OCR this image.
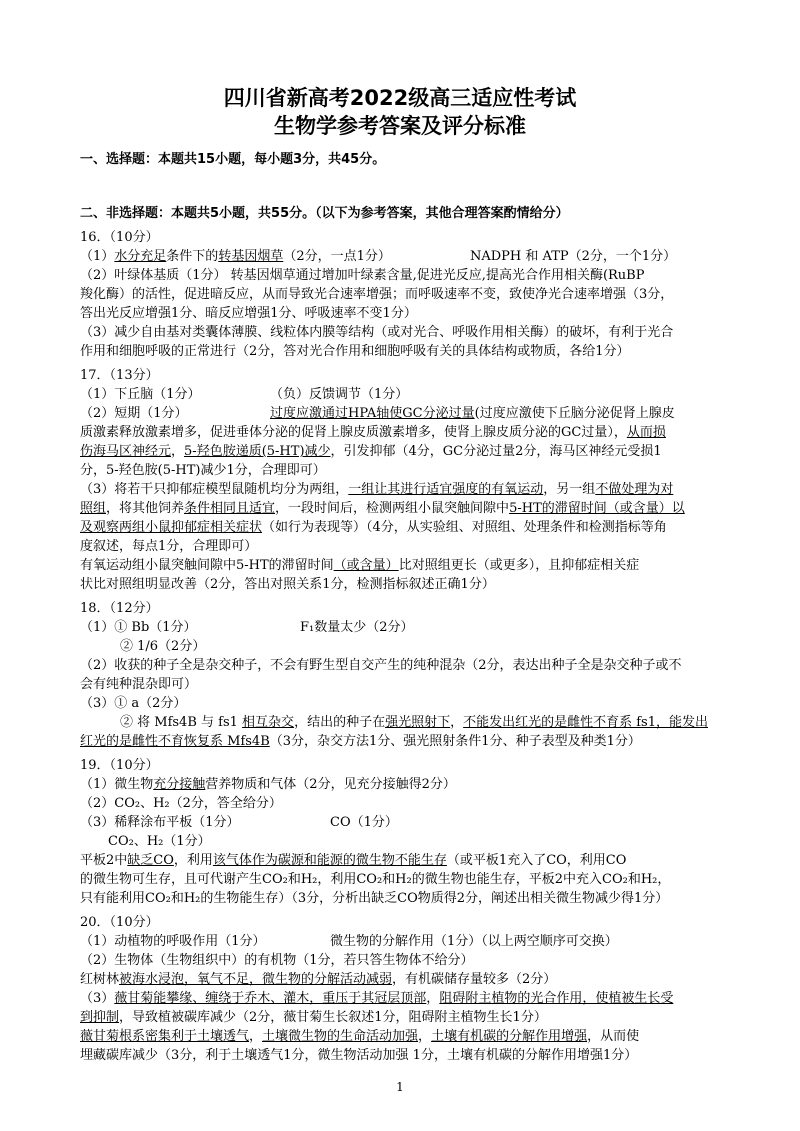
四川省新高考2022级高三适应性考试
生物学参考答案及评分标准
一、选择题：本题共15小题，每小题3分，共45分。
二、非选择题：本题共5小题，共55分。（以下为参考答案，其他合理答案酌情给分）
16．（10分）
（1）水分充足条件下的转基因烟草（2分，一点1分）	NADPH 和 ATP（2分，一个1分）
（2）叶绿体基质（1分） 转基因烟草通过增加叶绿素含量,促进光反应,提高光合作用相关酶(RuBP
羧化酶）的活性，促进暗反应，从而导致光合速率增强；而呼吸速率不变，致使净光合速率增强（3分，
答出光反应增强1分、暗反应增强1分、呼吸速率不变1分）
（3）减少自由基对类囊体薄膜、线粒体内膜等结构（或对光合、呼吸作用相关酶）的破坏，有利于光合
作用和细胞呼吸的正常进行（2分，答对光合作用和细胞呼吸有关的具体结构或物质，各给1分）
17．（13分）
（1）下丘脑（1分）	（负）反馈调节（1分）
（2）短期（1分）	过度应激通过HPA轴使GC分泌过量(过度应激使下丘脑分泌促肾上腺皮
质激素释放激素增多，促进垂体分泌的促肾上腺皮质激素增多，使肾上腺皮质分泌的GC过量），从而损
伤海马区神经元，5-羟色胺递质(5-HT)减少，引发抑郁（4分，GC分泌过量2分，海马区神经元受损1
分，5-羟色胺(5-HT)减少1分，合理即可）
（3）将若干只抑郁症模型鼠随机均分为两组，一组让其进行适宜强度的有氧运动，另一组不做处理为对
照组，将其他饲养条件相同且适宜，一段时间后，检测两组小鼠突触间隙中5-HT的滞留时间（或含量）以
及观察两组小鼠抑郁症相关症状（如行为表现等）（4分，从实验组、对照组、处理条件和检测指标等角
度叙述，每点1分，合理即可）
有氧运动组小鼠突触间隙中5-HT的滞留时间（或含量）比对照组更长（或更多），且抑郁症相关症
状比对照组明显改善（2分，答出对照关系1分，检测指标叙述正确1分）
18．（12分）
（1）① Bb（1分）	F₁数量太少（2分）
② 1/6（2分）
（2）收获的种子全是杂交种子，不会有野生型自交产生的纯种混杂（2分，表达出种子全是杂交种子或不
会有纯种混杂即可）
（3）① a（2分）
② 将 Mfs4B 与 fs1 相互杂交，结出的种子在强光照射下，不能发出红光的是雌性不育系 fs1，能发出
红光的是雌性不育恢复系 Mfs4B（3分，杂交方法1分、强光照射条件1分、种子表型及种类1分）
19．（10分）
（1）微生物充分接触营养物质和气体（2分，见充分接触得2分）
（2）CO₂、H₂（2分，答全给分）
（3）稀释涂布平板（1分）	CO（1分）
CO₂、H₂（1分）
平板2中缺乏CO，利用该气体作为碳源和能源的微生物不能生存（或平板1充入了CO，利用CO
的微生物可生存，且可代谢产生CO₂和H₂，利用CO₂和H₂的微生物也能生存，平板2中充入CO₂和H₂，
只有能利用CO₂和H₂的生物能生存）（3分，分析出缺乏CO物质得2分，阐述出相关微生物减少得1分）
20．（10分）
（1）动植物的呼吸作用（1分）	微生物的分解作用（1分）（以上两空顺序可交换）
（2）生物体（生物组织中）的有机物（1分，若只答生物体不给分）
红树林被海水浸泡，氧气不足，微生物的分解活动减弱，有机碳储存量较多（2分）
（3）薇甘菊能攀缘、缠绕于乔木、灌木，重压于其冠层顶部，阻碍附主植物的光合作用，使植被生长受
到抑制，导致植被碳库减少（2分，薇甘菊生长叙述1分，阻碍附主植物生长1分）
薇甘菊根系密集利于土壤透气，土壤微生物的生命活动加强，土壤有机碳的分解作用增强，从而使
埋藏碳库减少（3分，利于土壤透气1分，微生物活动加强 1分，土壤有机碳的分解作用增强1分）
1
